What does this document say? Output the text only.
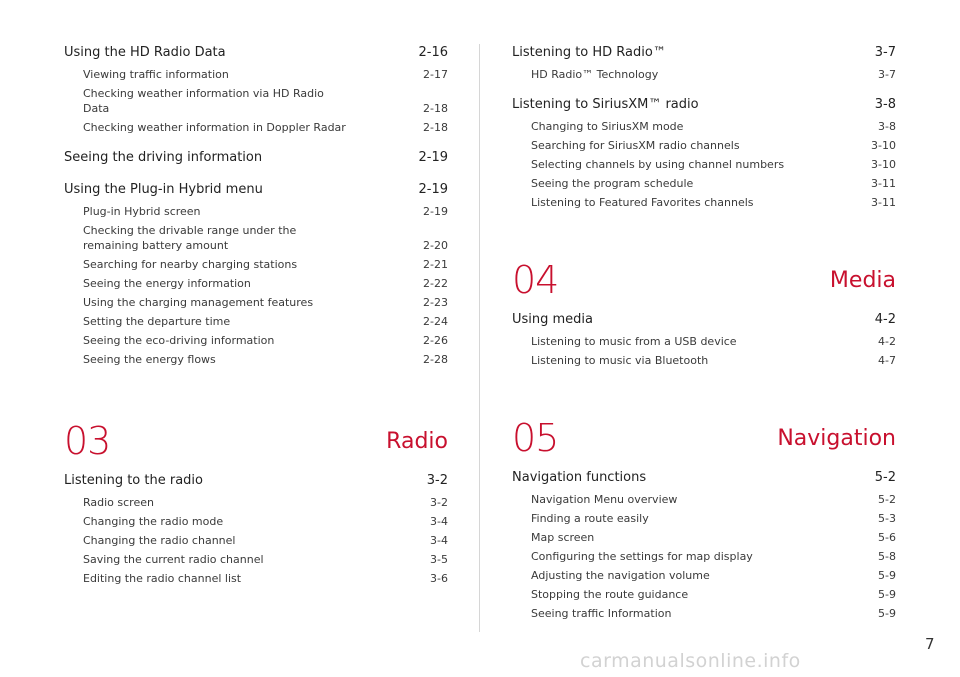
Using the HD Radio Data	2-16
Viewing traffic information	2-17
Checking weather information via HD Radio Data	2-18
Checking weather information in Doppler Radar	2-18
Seeing the driving information	2-19
Using the Plug-in Hybrid menu	2-19
Plug-in Hybrid screen	2-19
Checking the drivable range under the remaining battery amount	2-20
Searching for nearby charging stations	2-21
Seeing the energy information	2-22
Using the charging management features	2-23
Setting the departure time	2-24
Seeing the eco-driving information	2-26
Seeing the energy flows	2-28
03	Radio
Listening to the radio	3-2
Radio screen	3-2
Changing the radio mode	3-4
Changing the radio channel	3-4
Saving the current radio channel	3-5
Editing the radio channel list	3-6
Listening to HD Radio™	3-7
HD Radio™ Technology	3-7
Listening to SiriusXM™ radio	3-8
Changing to SiriusXM mode	3-8
Searching for SiriusXM radio channels	3-10
Selecting channels by using channel numbers	3-10
Seeing the program schedule	3-11
Listening to Featured Favorites channels	3-11
04	Media
Using media	4-2
Listening to music from a USB device	4-2
Listening to music via Bluetooth	4-7
05	Navigation
Navigation functions	5-2
Navigation Menu overview	5-2
Finding a route easily	5-3
Map screen	5-6
Configuring the settings for map display	5-8
Adjusting the navigation volume	5-9
Stopping the route guidance	5-9
Seeing traffic Information	5-9
7
carmanualsonline.info
